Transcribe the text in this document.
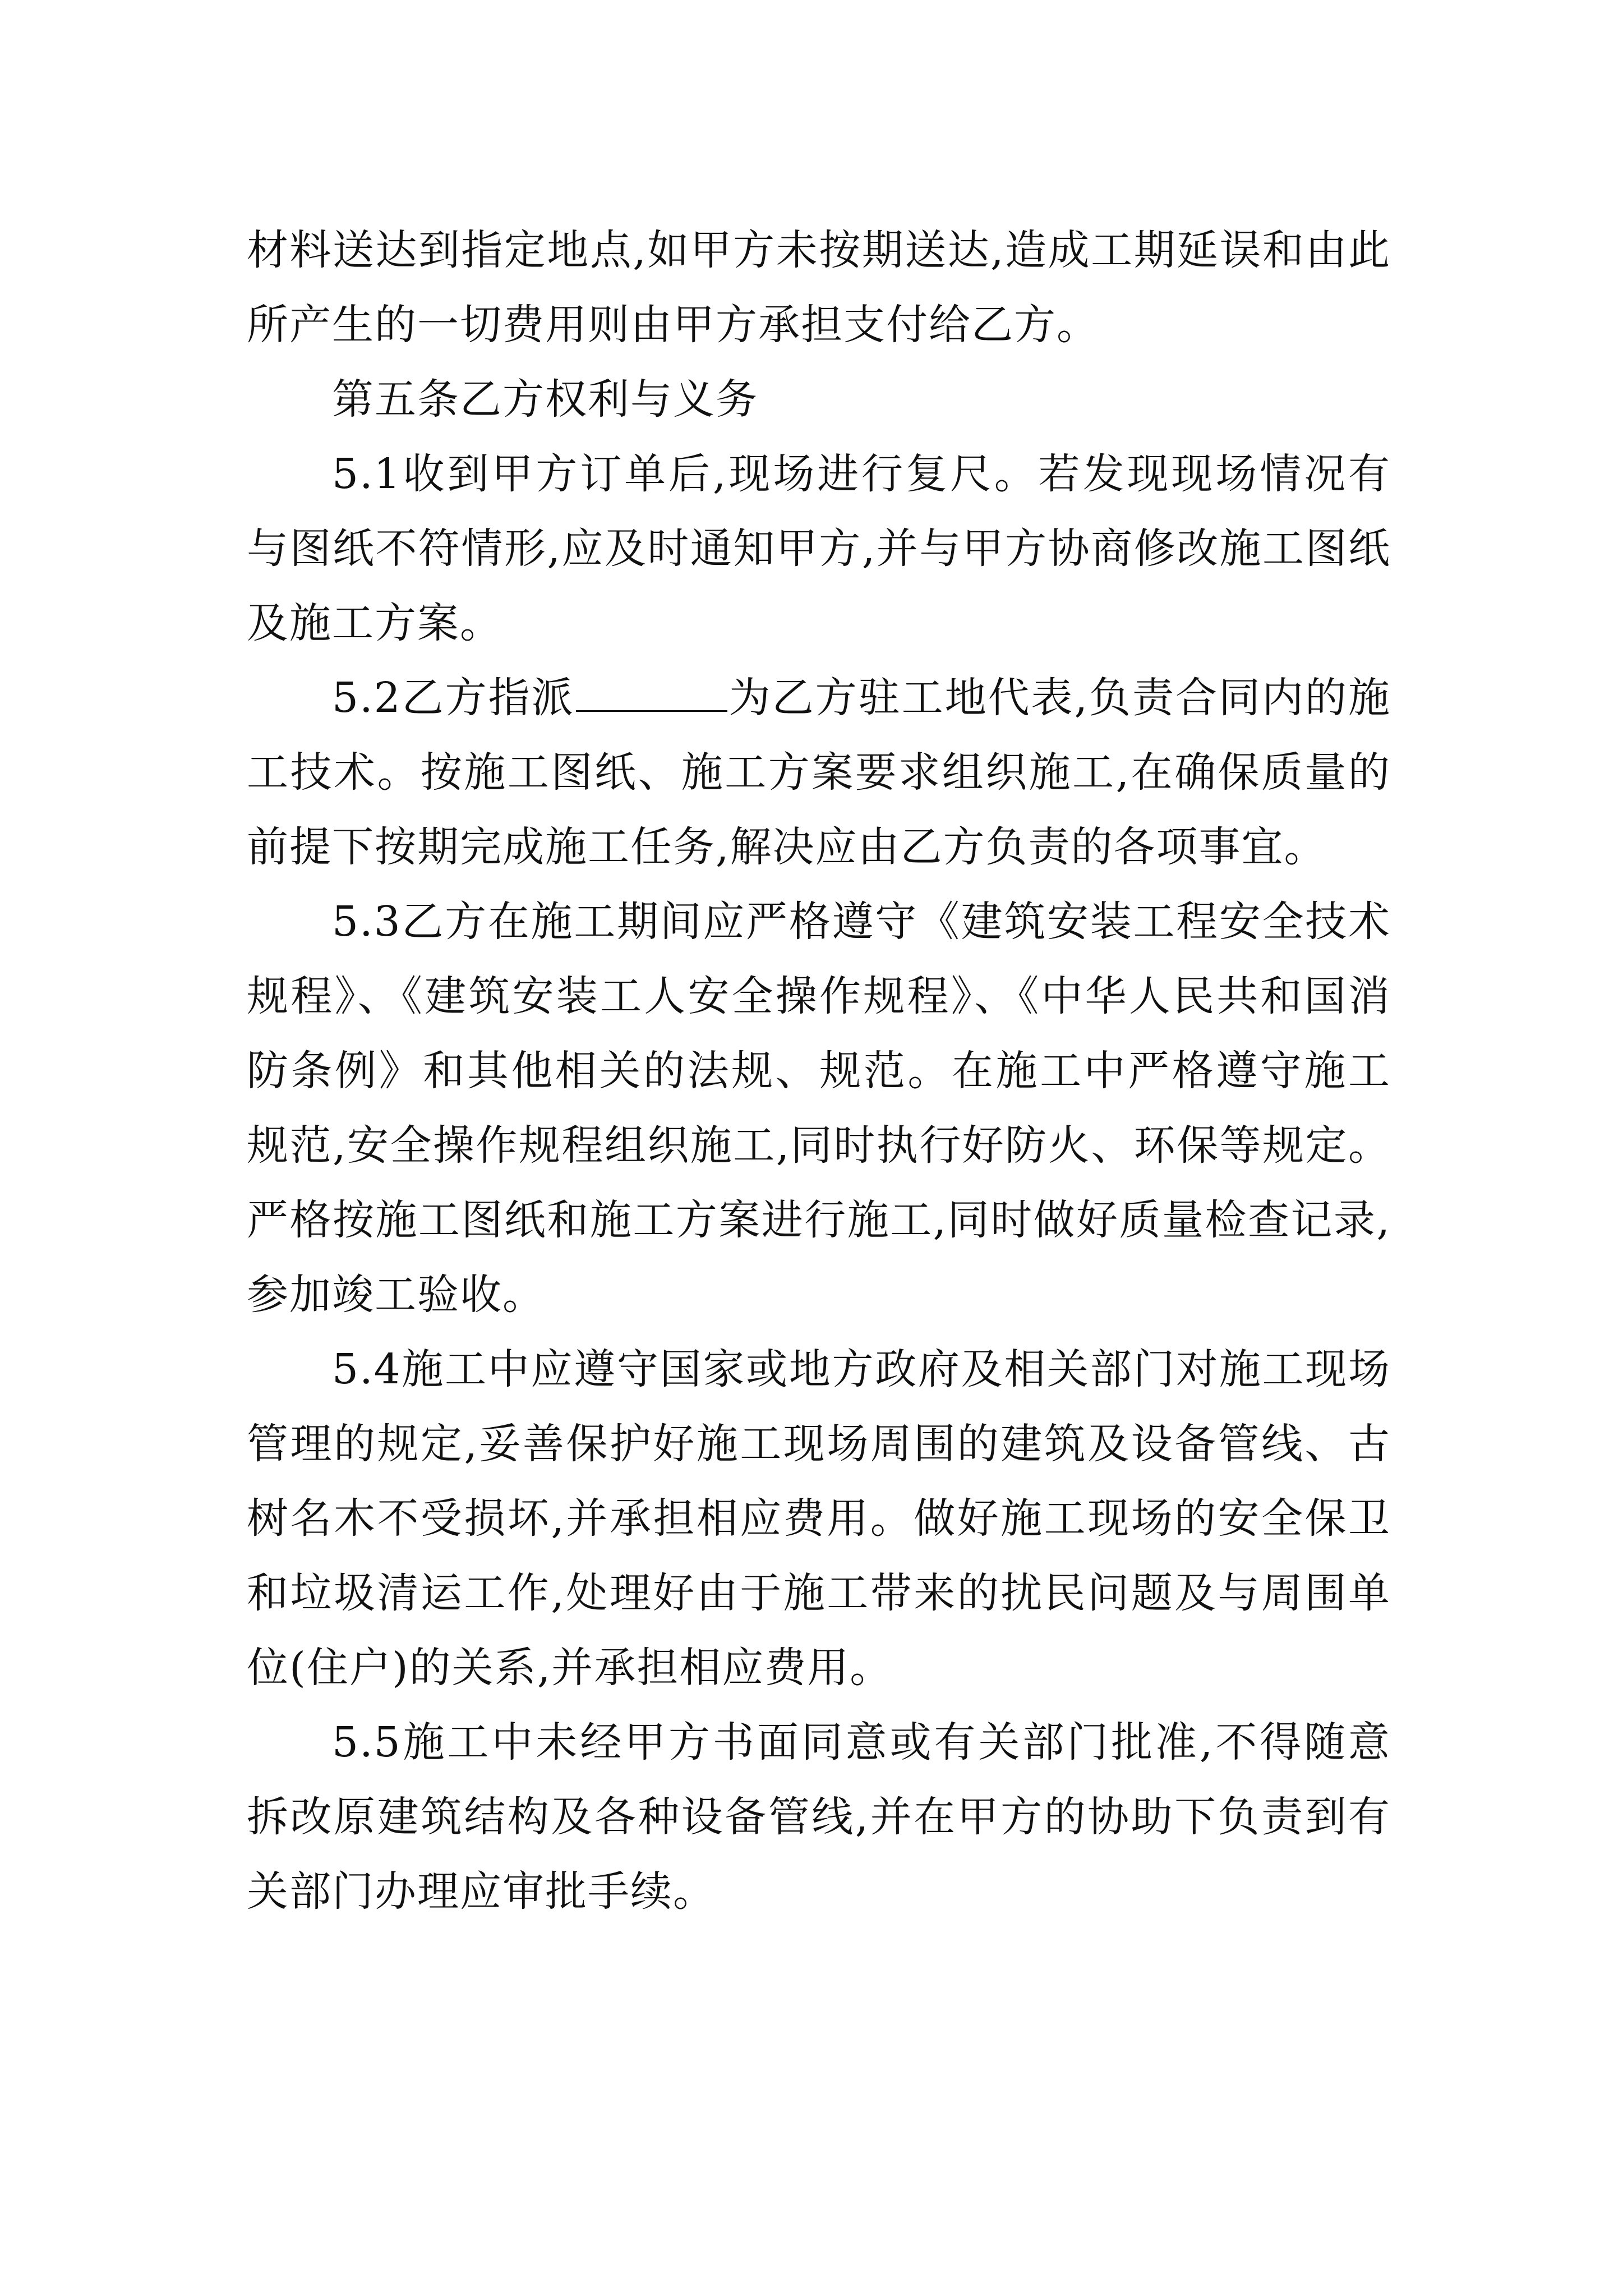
材料送达到指定地点,如甲方未按期送达,造成工期延误和由此所产生的一切费用则由甲方承担支付给乙方。

第五条乙方权利与义务

5.1收到甲方订单后,现场进行复尺。若发现现场情况有与图纸不符情形,应及时通知甲方,并与甲方协商修改施工图纸及施工方案。

5.2乙方指派	为乙方驻工地代表,负责合同内的施工技术。按施工图纸、施工方案要求组织施工,在确保质量的前提下按期完成施工任务,解决应由乙方负责的各项事宜。

5.3乙方在施工期间应严格遵守《建筑安装工程安全技术规程》、《建筑安装工人安全操作规程》、《中华人民共和国消防条例》和其他相关的法规、规范。在施工中严格遵守施工规范,安全操作规程组织施工,同时执行好防火、环保等规定。严格按施工图纸和施工方案进行施工,同时做好质量检查记录,参加竣工验收。

5.4施工中应遵守国家或地方政府及相关部门对施工现场管理的规定,妥善保护好施工现场周围的建筑及设备管线、古树名木不受损坏,并承担相应费用。做好施工现场的安全保卫和垃圾清运工作,处理好由于施工带来的扰民问题及与周围单位(住户)的关系,并承担相应费用。

5.5施工中未经甲方书面同意或有关部门批准,不得随意拆改原建筑结构及各种设备管线,并在甲方的协助下负责到有关部门办理应审批手续。
